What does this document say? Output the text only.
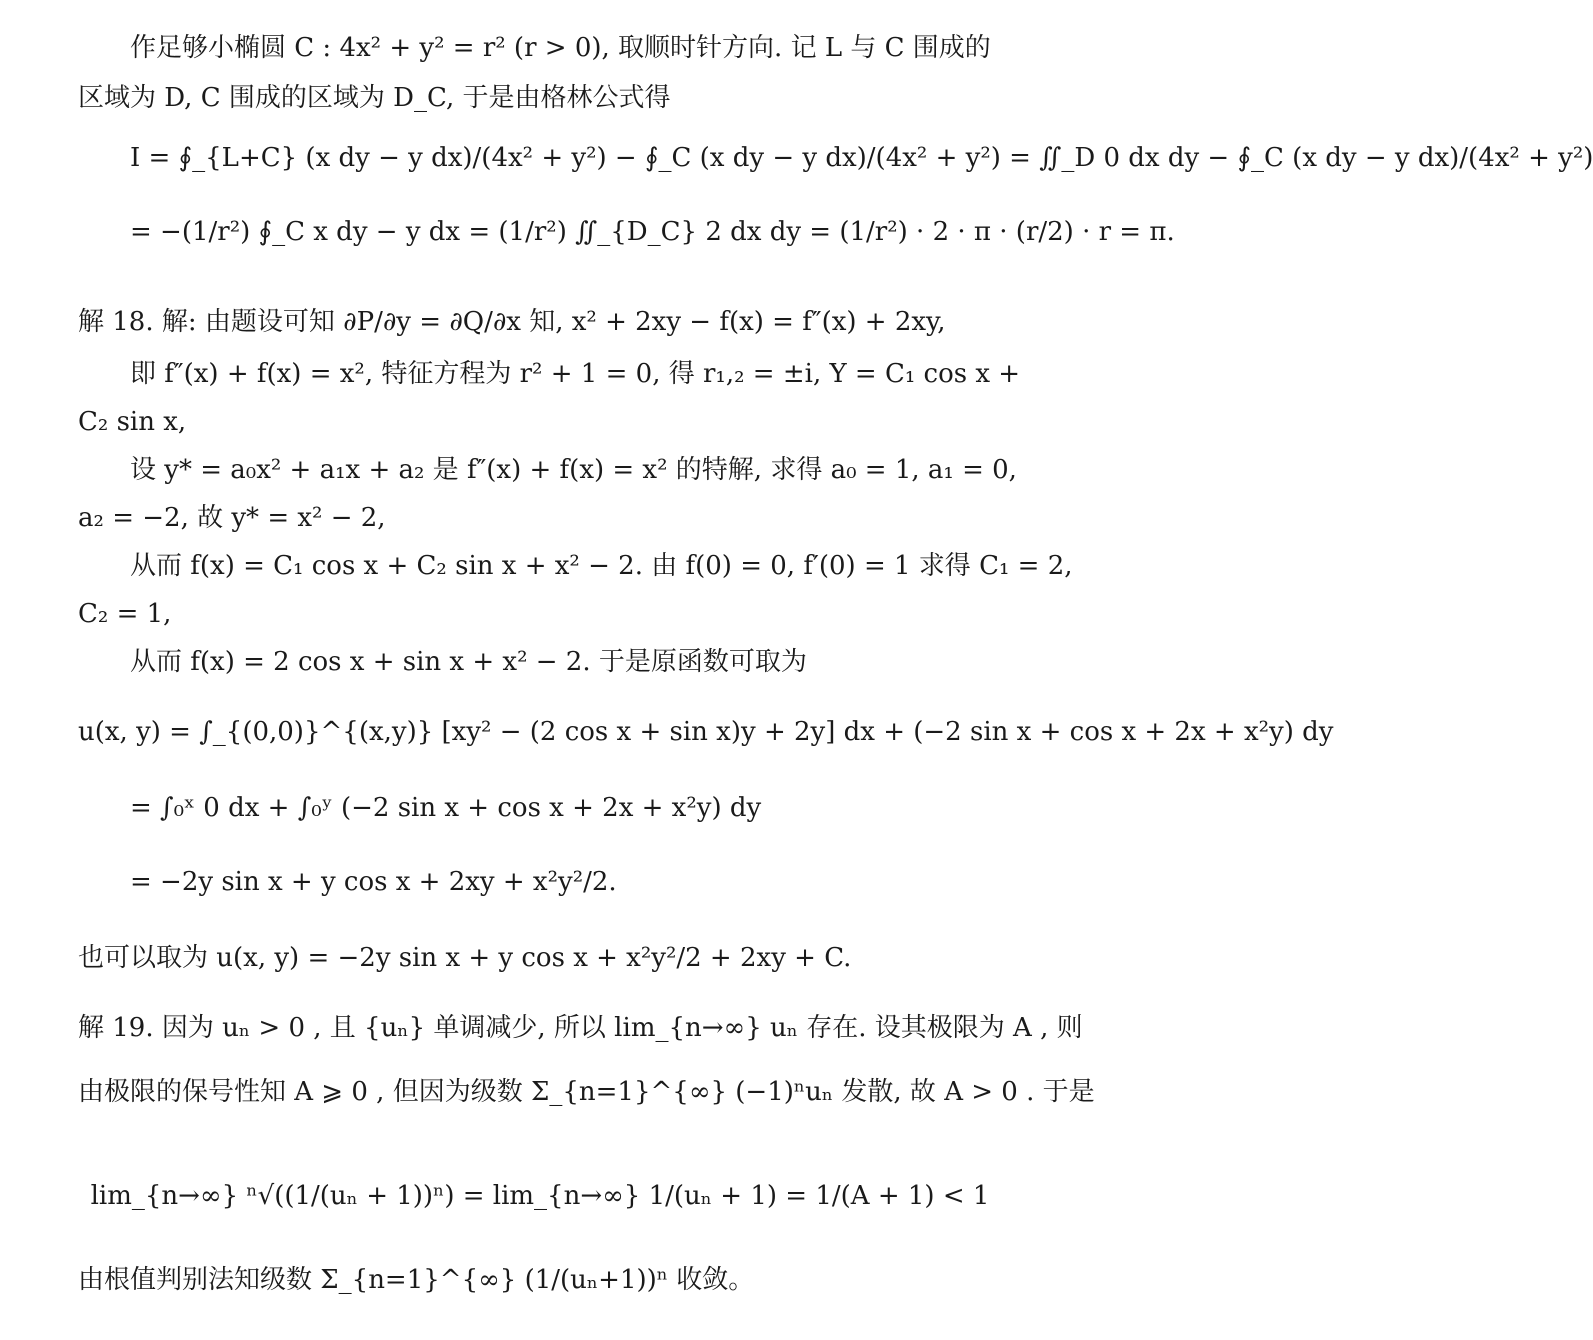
作足够小椭圆 C : 4x² + y² = r² (r > 0), 取顺时针方向. 记 L 与 C 围成的
区域为 D, C 围成的区域为 D_C, 于是由格林公式得
I = ∮_{L+C} (x dy − y dx)/(4x² + y²) − ∮_C (x dy − y dx)/(4x² + y²) = ∬_D 0 dx dy − ∮_C (x dy − y dx)/(4x² + y²)
= −(1/r²) ∮_C x dy − y dx = (1/r²) ∬_{D_C} 2 dx dy = (1/r²) · 2 · π · (r/2) · r = π.
解 18. 解: 由题设可知 ∂P/∂y = ∂Q/∂x 知, x² + 2xy − f(x) = f″(x) + 2xy,
即 f″(x) + f(x) = x², 特征方程为 r² + 1 = 0, 得 r₁,₂ = ±i, Y = C₁ cos x +
C₂ sin x,
设 y* = a₀x² + a₁x + a₂ 是 f″(x) + f(x) = x² 的特解, 求得 a₀ = 1, a₁ = 0,
a₂ = −2, 故 y* = x² − 2,
从而 f(x) = C₁ cos x + C₂ sin x + x² − 2. 由 f(0) = 0, f′(0) = 1 求得 C₁ = 2,
C₂ = 1,
从而 f(x) = 2 cos x + sin x + x² − 2. 于是原函数可取为
u(x, y) = ∫_{(0,0)}^{(x,y)} [xy² − (2 cos x + sin x)y + 2y] dx + (−2 sin x + cos x + 2x + x²y) dy
= ∫₀ˣ 0 dx + ∫₀ʸ (−2 sin x + cos x + 2x + x²y) dy
= −2y sin x + y cos x + 2xy + x²y²/2.
也可以取为 u(x, y) = −2y sin x + y cos x + x²y²/2 + 2xy + C.
解 19. 因为 uₙ > 0 , 且 {uₙ} 单调减少, 所以 lim_{n→∞} uₙ 存在. 设其极限为 A , 则
由极限的保号性知 A ⩾ 0 , 但因为级数 Σ_{n=1}^{∞} (−1)ⁿuₙ 发散, 故 A > 0 . 于是
lim_{n→∞} ⁿ√((1/(uₙ + 1))ⁿ) = lim_{n→∞} 1/(uₙ + 1) = 1/(A + 1) < 1
由根值判别法知级数 Σ_{n=1}^{∞} (1/(uₙ+1))ⁿ 收敛。
